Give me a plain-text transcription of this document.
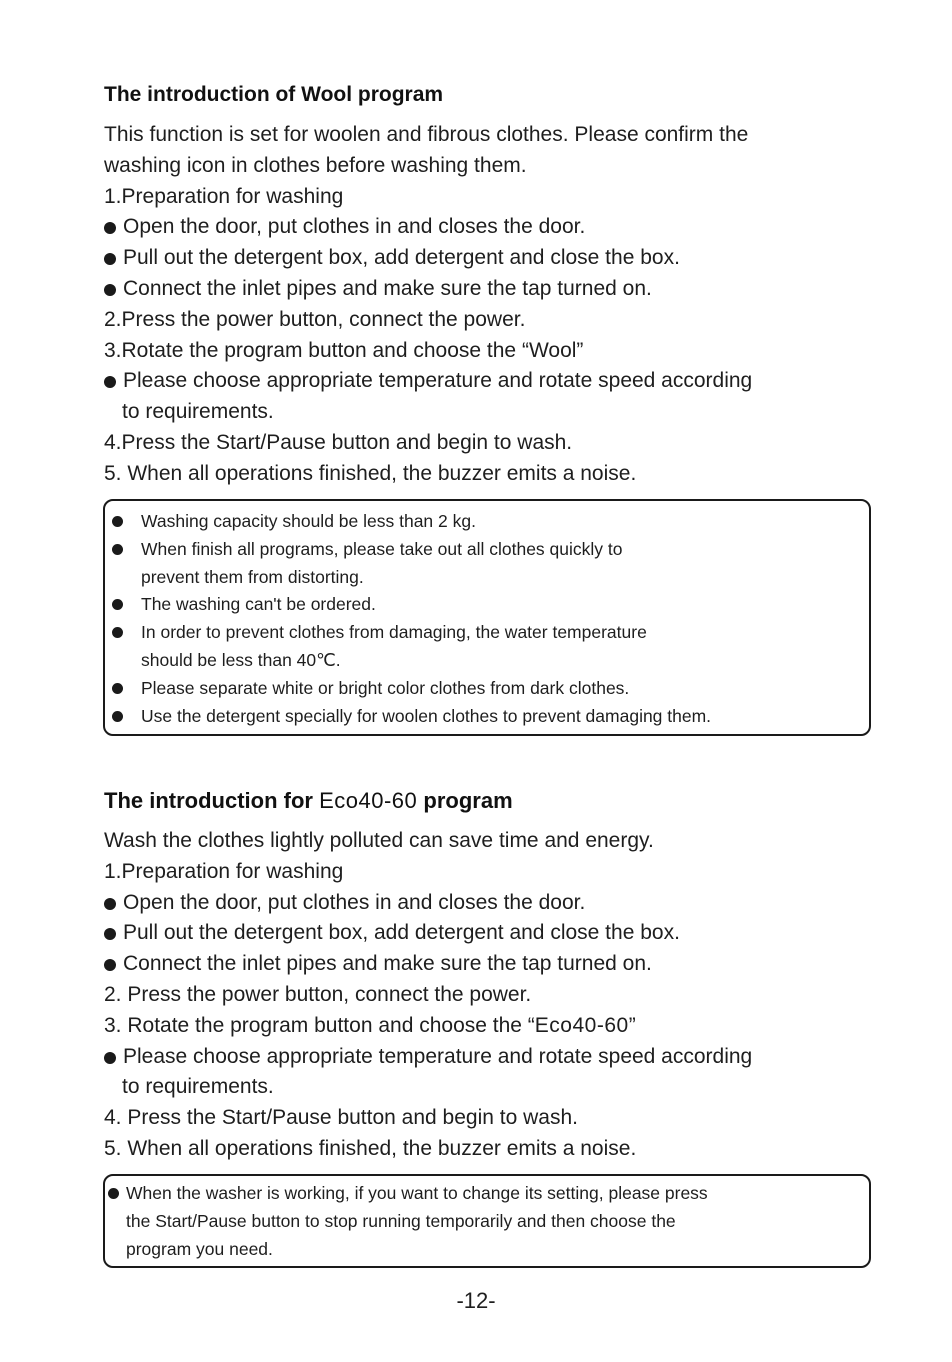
The introduction of Wool program
This function is set for woolen and fibrous clothes. Please confirm the
washing icon in clothes before washing them.
1.Preparation for washing
Open the door, put clothes in and closes the door.
Pull out the detergent box, add detergent and close the box.
Connect the inlet pipes and make sure the tap turned on.
2.Press the power button, connect the power.
3.Rotate the program button and choose the “Wool”
Please choose appropriate temperature and rotate speed according
to requirements.
4.Press the Start/Pause button and begin to wash.
5. When all operations finished, the buzzer emits a noise.
Washing capacity should be less than 2 kg.
When finish all programs, please take out all clothes quickly to
prevent them from distorting.
The washing can't be ordered.
In order to prevent clothes from damaging, the water temperature
should be less than 40℃.
Please separate white or bright color clothes from dark clothes.
Use the detergent specially for woolen clothes to prevent damaging them.
The introduction for Eco40-60 program
Wash the clothes lightly polluted can save time and energy.
1.Preparation for washing
Open the door, put clothes in and closes the door.
Pull out the detergent box, add detergent and close the box.
Connect the inlet pipes and make sure the tap turned on.
2. Press the power button, connect the power.
3. Rotate the program button and choose the “Eco40-60”
Please choose appropriate temperature and rotate speed according
to requirements.
4. Press the Start/Pause button and begin to wash.
5. When all operations finished, the buzzer emits a noise.
When the washer is working, if you want to change its setting, please press
the Start/Pause button to stop running temporarily and then choose the
program you need.
-12-
